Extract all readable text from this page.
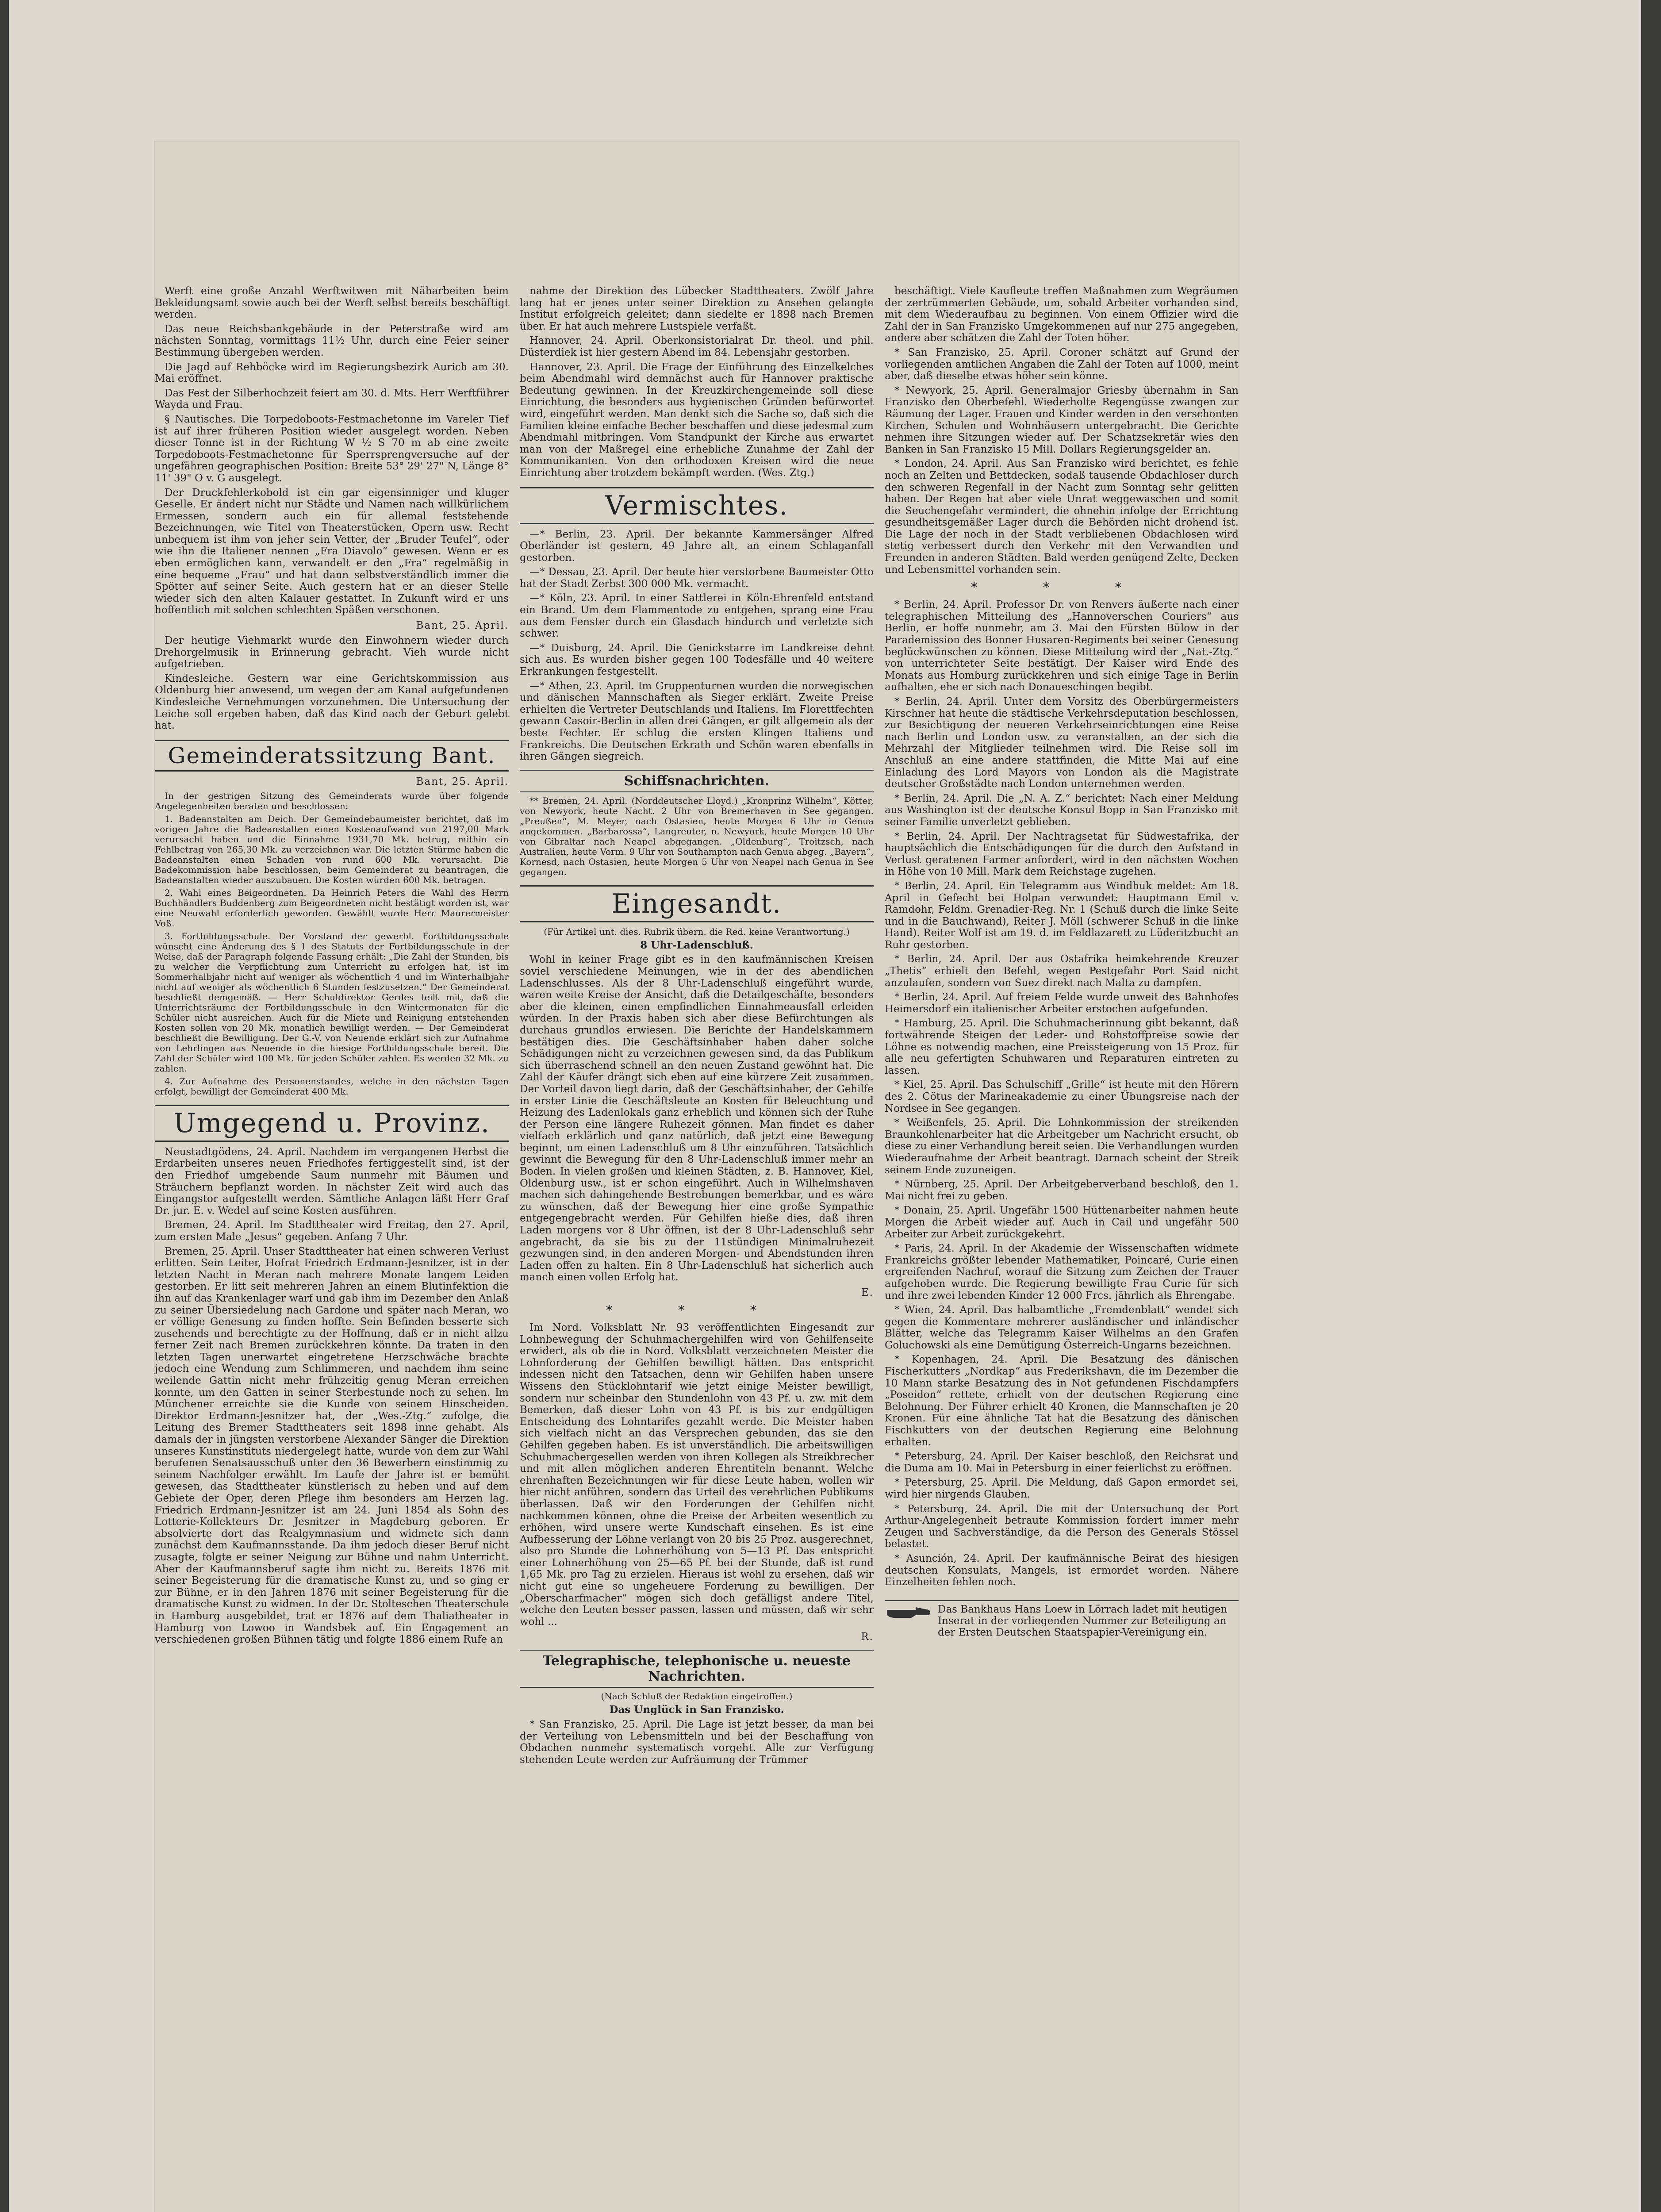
Werft eine große Anzahl Werftwitwen mit Näharbeiten beim Bekleidungsamt sowie auch bei der Werft selbst bereits beschäftigt werden.

Das neue Reichsbankgebäude in der Peterstraße wird am nächsten Sonntag, vormittags 11½ Uhr, durch eine Feier seiner Bestimmung übergeben werden.

Die Jagd auf Rehböcke wird im Regierungsbezirk Aurich am 30. Mai eröffnet.

Das Fest der Silberhochzeit feiert am 30. d. Mts. Herr Werftführer Wayda und Frau.

§ Nautisches. Die Torpedoboots-Festmachetonne im Vareler Tief ist auf ihrer früheren Position wieder ausgelegt worden. Neben dieser Tonne ist in der Richtung W ½ S 70 m ab eine zweite Torpedoboots-Festmachetonne für Sperrsprengversuche auf der ungefähren geographischen Position: Breite 53° 29' 27" N, Länge 8° 11' 39" O v. G ausgelegt.

Der Druckfehlerkobold ist ein gar eigensinniger und kluger Geselle. Er ändert nicht nur Städte und Namen nach willkürlichem Ermessen, sondern auch ein für allemal feststehende Bezeichnungen, wie Titel von Theaterstücken, Opern usw. Recht unbequem ist ihm von jeher sein Vetter, der „Bruder Teufel“, oder wie ihn die Italiener nennen „Fra Diavolo“ gewesen. Wenn er es eben ermöglichen kann, verwandelt er den „Fra“ regelmäßig in eine bequeme „Frau“ und hat dann selbstverständlich immer die Spötter auf seiner Seite. Auch gestern hat er an dieser Stelle wieder sich den alten Kalauer gestattet. In Zukunft wird er uns hoffentlich mit solchen schlechten Späßen verschonen.

Bant, 25. April.

Der heutige Viehmarkt wurde den Einwohnern wieder durch Drehorgelmusik in Erinnerung gebracht. Vieh wurde nicht aufgetrieben.

Kindesleiche. Gestern war eine Gerichtskommission aus Oldenburg hier anwesend, um wegen der am Kanal aufgefundenen Kindesleiche Vernehmungen vorzunehmen. Die Untersuchung der Leiche soll ergeben haben, daß das Kind nach der Geburt gelebt hat.

Gemeinderatssitzung Bant.
Bant, 25. April.

In der gestrigen Sitzung des Gemeinderats wurde über folgende Angelegenheiten beraten und beschlossen:

1. Badeanstalten am Deich. Der Gemeindebaumeister berichtet, daß im vorigen Jahre die Badeanstalten einen Kostenaufwand von 2197,00 Mark verursacht haben und die Einnahme 1931,70 Mk. betrug, mithin ein Fehlbetrag von 265,30 Mk. zu verzeichnen war. Die letzten Stürme haben die Badeanstalten einen Schaden von rund 600 Mk. verursacht. Die Badekommission habe beschlossen, beim Gemeinderat zu beantragen, die Badeanstalten wieder auszubauen. Die Kosten würden 600 Mk. betragen.

2. Wahl eines Beigeordneten. Da Heinrich Peters die Wahl des Herrn Buchhändlers Buddenberg zum Beigeordneten nicht bestätigt worden ist, war eine Neuwahl erforderlich geworden. Gewählt wurde Herr Maurermeister Voß.

3. Fortbildungsschule. Der Vorstand der gewerbl. Fortbildungsschule wünscht eine Änderung des § 1 des Statuts der Fortbildungsschule in der Weise, daß der Paragraph folgende Fassung erhält: „Die Zahl der Stunden, bis zu welcher die Verpflichtung zum Unterricht zu erfolgen hat, ist im Sommerhalbjahr nicht auf weniger als wöchentlich 4 und im Winterhalbjahr nicht auf weniger als wöchentlich 6 Stunden festzusetzen.“ Der Gemeinderat beschließt demgemäß. — Herr Schuldirektor Gerdes teilt mit, daß die Unterrichtsräume der Fortbildungsschule in den Wintermonaten für die Schüler nicht ausreichen. Auch für die Miete und Reinigung entstehenden Kosten sollen von 20 Mk. monatlich bewilligt werden. — Der Gemeinderat beschließt die Bewilligung. Der G.-V. von Neuende erklärt sich zur Aufnahme von Lehrlingen aus Neuende in die hiesige Fortbildungsschule bereit. Die Zahl der Schüler wird 100 Mk. für jeden Schüler zahlen. Es werden 32 Mk. zu zahlen.

4. Zur Aufnahme des Personenstandes, welche in den nächsten Tagen erfolgt, bewilligt der Gemeinderat 400 Mk.

Umgegend u. Provinz.

Neustadtgödens, 24. April. Nachdem im vergangenen Herbst die Erdarbeiten unseres neuen Friedhofes fertiggestellt sind, ist der den Friedhof umgebende Saum nunmehr mit Bäumen und Sträuchern bepflanzt worden. In nächster Zeit wird auch das Eingangstor aufgestellt werden. Sämtliche Anlagen läßt Herr Graf Dr. jur. E. v. Wedel auf seine Kosten ausführen.

Bremen, 24. April. Im Stadttheater wird Freitag, den 27. April, zum ersten Male „Jesus“ gegeben. Anfang 7 Uhr.

Bremen, 25. April. Unser Stadttheater hat einen schweren Verlust erlitten. Sein Leiter, Hofrat Friedrich Erdmann-Jesnitzer, ist in der letzten Nacht in Meran nach mehrere Monate langem Leiden gestorben. Er litt seit mehreren Jahren an einem Blutinfektion die ihn auf das Krankenlager warf und gab ihm im Dezember den Anlaß zu seiner Übersiedelung nach Gardone und später nach Meran, wo er völlige Genesung zu finden hoffte. Sein Befinden besserte sich zusehends und berechtigte zu der Hoffnung, daß er in nicht allzu ferner Zeit nach Bremen zurückkehren könnte. Da traten in den letzten Tagen unerwartet eingetretene Herzschwäche brachte jedoch eine Wendung zum Schlimmeren, und nachdem ihm seine weilende Gattin nicht mehr frühzeitig genug Meran erreichen konnte, um den Gatten in seiner Sterbestunde noch zu sehen. Im Münchener erreichte sie die Kunde von seinem Hinscheiden. Direktor Erdmann-Jesnitzer hat, der „Wes.-Ztg.“ zufolge, die Leitung des Bremer Stadttheaters seit 1898 inne gehabt. Als damals der in jüngsten verstorbene Alexander Sänger die Direktion unseres Kunstinstituts niedergelegt hatte, wurde von dem zur Wahl berufenen Senatsausschuß unter den 36 Bewerbern einstimmig zu seinem Nachfolger erwählt. Im Laufe der Jahre ist er bemüht gewesen, das Stadttheater künstlerisch zu heben und auf dem Gebiete der Oper, deren Pflege ihm besonders am Herzen lag. Friedrich Erdmann-Jesnitzer ist am 24. Juni 1854 als Sohn des Lotterie-Kollekteurs Dr. Jesnitzer in Magdeburg geboren. Er absolvierte dort das Realgymnasium und widmete sich dann zunächst dem Kaufmannsstande. Da ihm jedoch dieser Beruf nicht zusagte, folgte er seiner Neigung zur Bühne und nahm Unterricht. Aber der Kaufmannsberuf sagte ihm nicht zu. Bereits 1876 mit seiner Begeisterung für die dramatische Kunst zu, und so ging er zur Bühne, er in den Jahren 1876 mit seiner Begeisterung für die dramatische Kunst zu widmen. In der Dr. Stolteschen Theaterschule in Hamburg ausgebildet, trat er 1876 auf dem Thaliatheater in Hamburg von Lowoo in Wandsbek auf. Ein Engagement an verschiedenen großen Bühnen tätig und folgte 1886 einem Rufe an

nahme der Direktion des Lübecker Stadttheaters. Zwölf Jahre lang hat er jenes unter seiner Direktion zu Ansehen gelangte Institut erfolgreich geleitet; dann siedelte er 1898 nach Bremen über. Er hat auch mehrere Lustspiele verfaßt.

Hannover, 24. April. Oberkonsistorialrat Dr. theol. und phil. Düsterdiek ist hier gestern Abend im 84. Lebensjahr gestorben.

Hannover, 23. April. Die Frage der Einführung des Einzelkelches beim Abendmahl wird demnächst auch für Hannover praktische Bedeutung gewinnen. In der Kreuzkirchengemeinde soll diese Einrichtung, die besonders aus hygienischen Gründen befürwortet wird, eingeführt werden. Man denkt sich die Sache so, daß sich die Familien kleine einfache Becher beschaffen und diese jedesmal zum Abendmahl mitbringen. Vom Standpunkt der Kirche aus erwartet man von der Maßregel eine erhebliche Zunahme der Zahl der Kommunikanten. Von den orthodoxen Kreisen wird die neue Einrichtung aber trotzdem bekämpft werden. (Wes. Ztg.)

Vermischtes.

—* Berlin, 23. April. Der bekannte Kammersänger Alfred Oberländer ist gestern, 49 Jahre alt, an einem Schlaganfall gestorben.

—* Dessau, 23. April. Der heute hier verstorbene Baumeister Otto hat der Stadt Zerbst 300 000 Mk. vermacht.

—* Köln, 23. April. In einer Sattlerei in Köln-Ehrenfeld entstand ein Brand. Um dem Flammentode zu entgehen, sprang eine Frau aus dem Fenster durch ein Glasdach hindurch und verletzte sich schwer.

—* Duisburg, 24. April. Die Genickstarre im Landkreise dehnt sich aus. Es wurden bisher gegen 100 Todesfälle und 40 weitere Erkrankungen festgestellt.

—* Athen, 23. April. Im Gruppenturnen wurden die norwegischen und dänischen Mannschaften als Sieger erklärt. Zweite Preise erhielten die Vertreter Deutschlands und Italiens. Im Florettfechten gewann Casoir-Berlin in allen drei Gängen, er gilt allgemein als der beste Fechter. Er schlug die ersten Klingen Italiens und Frankreichs. Die Deutschen Erkrath und Schön waren ebenfalls in ihren Gängen siegreich.

Schiffsnachrichten.

** Bremen, 24. April. (Norddeutscher Lloyd.) „Kronprinz Wilhelm“, Kötter, von Newyork, heute Nacht. 2 Uhr von Bremerhaven in See gegangen. „Preußen“, M. Meyer, nach Ostasien, heute Morgen 6 Uhr in Genua angekommen. „Barbarossa“, Langreuter, n. Newyork, heute Morgen 10 Uhr von Gibraltar nach Neapel abgegangen. „Oldenburg“, Troitzsch, nach Australien, heute Vorm. 9 Uhr von Southampton nach Genua abgeg. „Bayern“, Kornesd, nach Ostasien, heute Morgen 5 Uhr von Neapel nach Genua in See gegangen.

Eingesandt.

(Für Artikel unt. dies. Rubrik übern. die Red. keine Verantwortung.)

8 Uhr-Ladenschluß.

Wohl in keiner Frage gibt es in den kaufmännischen Kreisen soviel verschiedene Meinungen, wie in der des abendlichen Ladenschlusses. Als der 8 Uhr-Ladenschluß eingeführt wurde, waren weite Kreise der Ansicht, daß die Detailgeschäfte, besonders aber die kleinen, einen empfindlichen Einnahmeausfall erleiden würden. In der Praxis haben sich aber diese Befürchtungen als durchaus grundlos erwiesen. Die Berichte der Handelskammern bestätigen dies. Die Geschäftsinhaber haben daher solche Schädigungen nicht zu verzeichnen gewesen sind, da das Publikum sich überraschend schnell an den neuen Zustand gewöhnt hat. Die Zahl der Käufer drängt sich eben auf eine kürzere Zeit zusammen. Der Vorteil davon liegt darin, daß der Geschäftsinhaber, der Gehilfe in erster Linie die Geschäftsleute an Kosten für Beleuchtung und Heizung des Ladenlokals ganz erheblich und können sich der Ruhe der Person eine längere Ruhezeit gönnen. Man findet es daher vielfach erklärlich und ganz natürlich, daß jetzt eine Bewegung beginnt, um einen Ladenschluß um 8 Uhr einzuführen. Tatsächlich gewinnt die Bewegung für den 8 Uhr-Ladenschluß immer mehr an Boden. In vielen großen und kleinen Städten, z. B. Hannover, Kiel, Oldenburg usw., ist er schon eingeführt. Auch in Wilhelmshaven machen sich dahingehende Bestrebungen bemerkbar, und es wäre zu wünschen, daß der Bewegung hier eine große Sympathie entgegengebracht werden. Für Gehilfen hieße dies, daß ihren Laden morgens vor 8 Uhr öffnen, ist der 8 Uhr-Ladenschluß sehr angebracht, da sie bis zu der 11stündigen Minimalruhezeit gezwungen sind, in den anderen Morgen- und Abendstunden ihren Laden offen zu halten. Ein 8 Uhr-Ladenschluß hat sicherlich auch manch einen vollen Erfolg hat.

E.
* * *

Im Nord. Volksblatt Nr. 93 veröffentlichten Eingesandt zur Lohnbewegung der Schuhmachergehilfen wird von Gehilfenseite erwidert, als ob die in Nord. Volksblatt verzeichneten Meister die Lohnforderung der Gehilfen bewilligt hätten. Das entspricht indessen nicht den Tatsachen, denn wir Gehilfen haben unsere Wissens den Stücklohntarif wie jetzt einige Meister bewilligt, sondern nur scheinbar den Stundenlohn von 43 Pf. u. zw. mit dem Bemerken, daß dieser Lohn von 43 Pf. is bis zur endgültigen Entscheidung des Lohntarifes gezahlt werde. Die Meister haben sich vielfach nicht an das Versprechen gebunden, das sie den Gehilfen gegeben haben. Es ist unverständlich. Die arbeitswilligen Schuhmachergesellen werden von ihren Kollegen als Streikbrecher und mit allen möglichen anderen Ehrentiteln benannt. Welche ehrenhaften Bezeichnungen wir für diese Leute haben, wollen wir hier nicht anführen, sondern das Urteil des verehrlichen Publikums überlassen. Daß wir den Forderungen der Gehilfen nicht nachkommen können, ohne die Preise der Arbeiten wesentlich zu erhöhen, wird unsere werte Kundschaft einsehen. Es ist eine Aufbesserung der Löhne verlangt von 20 bis 25 Proz. ausgerechnet, also pro Stunde die Lohnerhöhung von 5—13 Pf. Das entspricht einer Lohnerhöhung von 25—65 Pf. bei der Stunde, daß ist rund 1,65 Mk. pro Tag zu erzielen. Hieraus ist wohl zu ersehen, daß wir nicht gut eine so ungeheuere Forderung zu bewilligen. Der „Oberscharfmacher“ mögen sich doch gefälligst andere Titel, welche den Leuten besser passen, lassen und müssen, daß wir sehr wohl ...

R.
Telegraphische, telephonische u. neueste Nachrichten.

(Nach Schluß der Redaktion eingetroffen.)

Das Unglück in San Franzisko.

* San Franzisko, 25. April. Die Lage ist jetzt besser, da man bei der Verteilung von Lebensmitteln und bei der Beschaffung von Obdachen nunmehr systematisch vorgeht. Alle zur Verfügung stehenden Leute werden zur Aufräumung der Trümmer

beschäftigt. Viele Kaufleute treffen Maßnahmen zum Wegräumen der zertrümmerten Gebäude, um, sobald Arbeiter vorhanden sind, mit dem Wiederaufbau zu beginnen. Von einem Offizier wird die Zahl der in San Franzisko Umgekommenen auf nur 275 angegeben, andere aber schätzen die Zahl der Toten höher.

* San Franzisko, 25. April. Coroner schätzt auf Grund der vorliegenden amtlichen Angaben die Zahl der Toten auf 1000, meint aber, daß dieselbe etwas höher sein könne.

* Newyork, 25. April. Generalmajor Griesby übernahm in San Franzisko den Oberbefehl. Wiederholte Regengüsse zwangen zur Räumung der Lager. Frauen und Kinder werden in den verschonten Kirchen, Schulen und Wohnhäusern untergebracht. Die Gerichte nehmen ihre Sitzungen wieder auf. Der Schatzsekretär wies den Banken in San Franzisko 15 Mill. Dollars Regierungsgelder an.

* London, 24. April. Aus San Franzisko wird berichtet, es fehle noch an Zelten und Bettdecken, sodaß tausende Obdachloser durch den schweren Regenfall in der Nacht zum Sonntag sehr gelitten haben. Der Regen hat aber viele Unrat weggewaschen und somit die Seuchengefahr vermindert, die ohnehin infolge der Errichtung gesundheitsgemäßer Lager durch die Behörden nicht drohend ist. Die Lage der noch in der Stadt verbliebenen Obdachlosen wird stetig verbessert durch den Verkehr mit den Verwandten und Freunden in anderen Städten. Bald werden genügend Zelte, Decken und Lebensmittel vorhanden sein.

* * *

* Berlin, 24. April. Professor Dr. von Renvers äußerte nach einer telegraphischen Mitteilung des „Hannoverschen Couriers“ aus Berlin, er hoffe nunmehr, am 3. Mai den Fürsten Bülow in der Parademission des Bonner Husaren-Regiments bei seiner Genesung beglückwünschen zu können. Diese Mitteilung wird der „Nat.-Ztg.“ von unterrichteter Seite bestätigt. Der Kaiser wird Ende des Monats aus Homburg zurückkehren und sich einige Tage in Berlin aufhalten, ehe er sich nach Donaueschingen begibt.

* Berlin, 24. April. Unter dem Vorsitz des Oberbürgermeisters Kirschner hat heute die städtische Verkehrsdeputation beschlossen, zur Besichtigung der neueren Verkehrseinrichtungen eine Reise nach Berlin und London usw. zu veranstalten, an der sich die Mehrzahl der Mitglieder teilnehmen wird. Die Reise soll im Anschluß an eine andere stattfinden, die Mitte Mai auf eine Einladung des Lord Mayors von London als die Magistrate deutscher Großstädte nach London unternehmen werden.

* Berlin, 24. April. Die „N. A. Z.“ berichtet: Nach einer Meldung aus Washington ist der deutsche Konsul Bopp in San Franzisko mit seiner Familie unverletzt geblieben.

* Berlin, 24. April. Der Nachtragsetat für Südwestafrika, der hauptsächlich die Entschädigungen für die durch den Aufstand in Verlust geratenen Farmer anfordert, wird in den nächsten Wochen in Höhe von 10 Mill. Mark dem Reichstage zugehen.

* Berlin, 24. April. Ein Telegramm aus Windhuk meldet: Am 18. April in Gefecht bei Holpan verwundet: Hauptmann Emil v. Ramdohr, Feldm. Grenadier-Reg. Nr. 1 (Schuß durch die linke Seite und in die Bauchwand), Reiter J. Möll (schwerer Schuß in die linke Hand). Reiter Wolf ist am 19. d. im Feldlazarett zu Lüderitzbucht an Ruhr gestorben.

* Berlin, 24. April. Der aus Ostafrika heimkehrende Kreuzer „Thetis“ erhielt den Befehl, wegen Pestgefahr Port Said nicht anzulaufen, sondern von Suez direkt nach Malta zu dampfen.

* Berlin, 24. April. Auf freiem Felde wurde unweit des Bahnhofes Heimersdorf ein italienischer Arbeiter erstochen aufgefunden.

* Hamburg, 25. April. Die Schuhmacherinnung gibt bekannt, daß fortwährende Steigen der Leder- und Rohstoffpreise sowie der Löhne es notwendig machen, eine Preissteigerung von 15 Proz. für alle neu gefertigten Schuhwaren und Reparaturen eintreten zu lassen.

* Kiel, 25. April. Das Schulschiff „Grille“ ist heute mit den Hörern des 2. Cötus der Marineakademie zu einer Übungsreise nach der Nordsee in See gegangen.

* Weißenfels, 25. April. Die Lohnkommission der streikenden Braunkohlenarbeiter hat die Arbeitgeber um Nachricht ersucht, ob diese zu einer Verhandlung bereit seien. Die Verhandlungen wurden Wiederaufnahme der Arbeit beantragt. Darnach scheint der Streik seinem Ende zuzuneigen.

* Nürnberg, 25. April. Der Arbeitgeberverband beschloß, den 1. Mai nicht frei zu geben.

* Donain, 25. April. Ungefähr 1500 Hüttenarbeiter nahmen heute Morgen die Arbeit wieder auf. Auch in Cail und ungefähr 500 Arbeiter zur Arbeit zurückgekehrt.

* Paris, 24. April. In der Akademie der Wissenschaften widmete Frankreichs größter lebender Mathematiker, Poincaré, Curie einen ergreifenden Nachruf, worauf die Sitzung zum Zeichen der Trauer aufgehoben wurde. Die Regierung bewilligte Frau Curie für sich und ihre zwei lebenden Kinder 12 000 Frcs. jährlich als Ehrengabe.

* Wien, 24. April. Das halbamtliche „Fremdenblatt“ wendet sich gegen die Kommentare mehrerer ausländischer und inländischer Blätter, welche das Telegramm Kaiser Wilhelms an den Grafen Goluchowski als eine Demütigung Österreich-Ungarns bezeichnen.

* Kopenhagen, 24. April. Die Besatzung des dänischen Fischerkutters „Nordkap“ aus Frederikshavn, die im Dezember die 10 Mann starke Besatzung des in Not gefundenen Fischdampfers „Poseidon“ rettete, erhielt von der deutschen Regierung eine Belohnung. Der Führer erhielt 40 Kronen, die Mannschaften je 20 Kronen. Für eine ähnliche Tat hat die Besatzung des dänischen Fischkutters von der deutschen Regierung eine Belohnung erhalten.

* Petersburg, 24. April. Der Kaiser beschloß, den Reichsrat und die Duma am 10. Mai in Petersburg in einer feierlichst zu eröffnen.

* Petersburg, 25. April. Die Meldung, daß Gapon ermordet sei, wird hier nirgends Glauben.

* Petersburg, 24. April. Die mit der Untersuchung der Port Arthur-Angelegenheit betraute Kommission fordert immer mehr Zeugen und Sachverständige, da die Person des Generals Stössel belastet.

* Asunción, 24. April. Der kaufmännische Beirat des hiesigen deutschen Konsulats, Mangels, ist ermordet worden. Nähere Einzelheiten fehlen noch.

Das Bankhaus Hans Loew in Lörrach ladet mit heutigen Inserat in der vorliegenden Nummer zur Beteiligung an der Ersten Deutschen Staatspapier-Vereinigung ein.
